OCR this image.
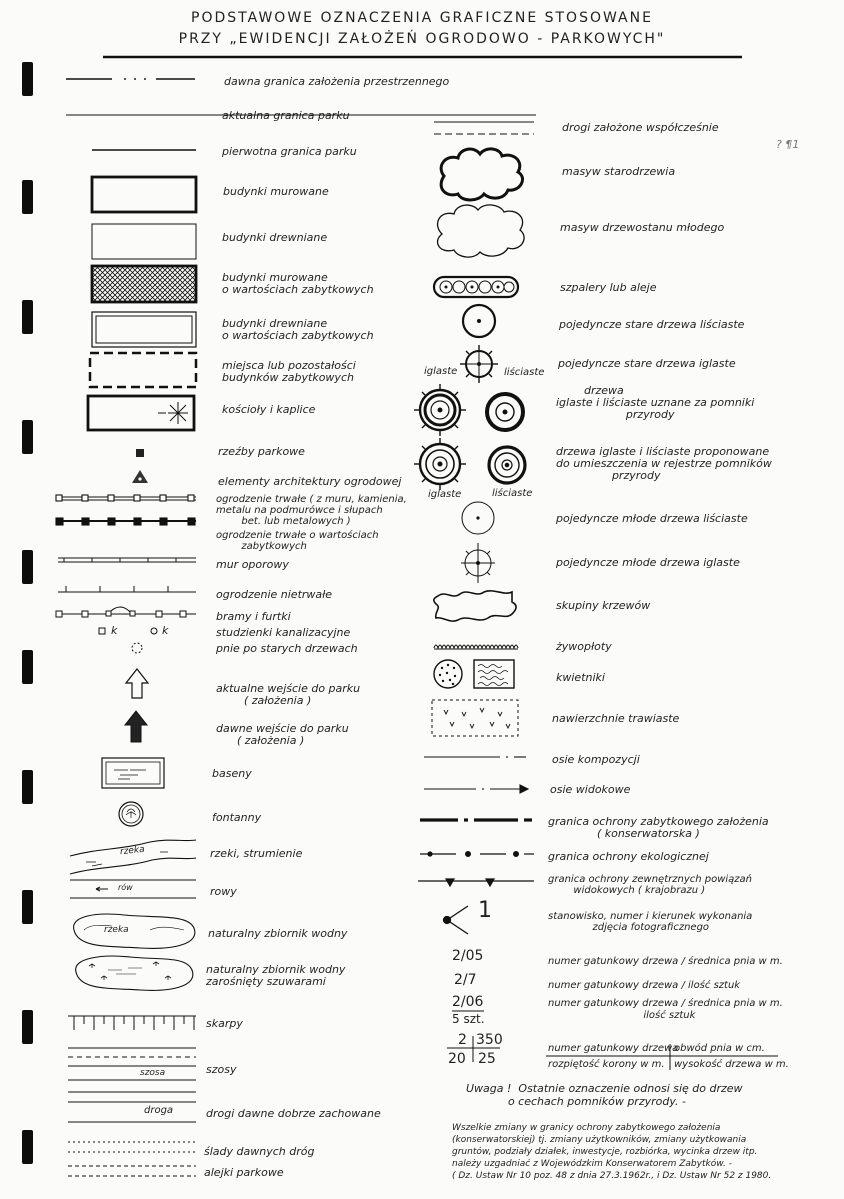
PODSTAWOWE OZNACZENIA GRAFICZNE STOSOWANE
PRZY „EWIDENCJI ZAŁOŻEŃ OGRODOWO - PARKOWYCH"
? ¶1
dawna granica założenia przestrzennego
aktualna granica parku
pierwotna granica parku
budynki murowane
budynki drewniane
budynki murowane
o wartościach zabytkowych
budynki drewniane
o wartościach zabytkowych
miejsca lub pozostałości
budynków zabytkowych
kościoły i kaplice
rzeźby parkowe
elementy architektury ogrodowej
ogrodzenie trwałe ( z muru, kamienia,
metalu na podmurówce i słupach
bet. lub metalowych )
ogrodzenie trwałe o wartościach
zabytkowych
mur oporowy
ogrodzenie nietrwałe
bramy i furtki
studzienki kanalizacyjne
pnie po starych drzewach
aktualne wejście do parku
( założenia )
dawne wejście do parku
( założenia )
baseny
fontanny
rzeki, strumienie
rowy
naturalny zbiornik wodny
naturalny zbiornik wodny
zarośnięty szuwarami
skarpy
szosy
drogi dawne dobrze zachowane
ślady dawnych dróg
alejki parkowe
k	k
rzeka
rów
rzeka
szosa
droga
drogi założone współcześnie
masyw starodrzewia
masyw drzewostanu młodego
szpalery lub aleje
pojedyncze stare drzewa liściaste
pojedyncze stare drzewa iglaste
drzewa
iglaste i liściaste uznane za pomniki
przyrody
drzewa iglaste i liściaste proponowane
do umieszczenia w rejestrze pomników
przyrody
pojedyncze młode drzewa liściaste
pojedyncze młode drzewa iglaste
skupiny krzewów
żywopłoty
kwietniki
nawierzchnie trawiaste
osie kompozycji
osie widokowe
granica ochrony zabytkowego założenia
( konserwatorska )
granica ochrony ekologicznej
granica ochrony zewnętrznych powiązań
widokowych ( krajobrazu )
stanowisko, numer i kierunek wykonania
zdjęcia fotograficznego
numer gatunkowy drzewa / średnica pnia w m.
numer gatunkowy drzewa / ilość sztuk
numer gatunkowy drzewa / średnica pnia w m.
ilość sztuk
iglaste	liściaste
iglaste	liściaste
1
2/05
2/7
2/06
5 szt.
2 350
20 25
numer gatunkowy drzewa
obwód pnia w cm.
rozpiętość korony w m. wysokość drzewa w m.
Uwaga !  Ostatnie oznaczenie odnosi się do drzew
o cechach pomników przyrody. -
Wszelkie zmiany w granicy ochrony zabytkowego założenia
(konserwatorskiej) tj. zmiany użytkowników, zmiany użytkowania
gruntów, podziały działek, inwestycje, rozbiórka, wycinka drzew itp.
należy uzgadniać z Wojewódzkim Konserwatorem Zabytków. -
( Dz. Ustaw Nr 10 poz. 48 z dnia 27.3.1962r., i Dz. Ustaw Nr 52 z 1980.
